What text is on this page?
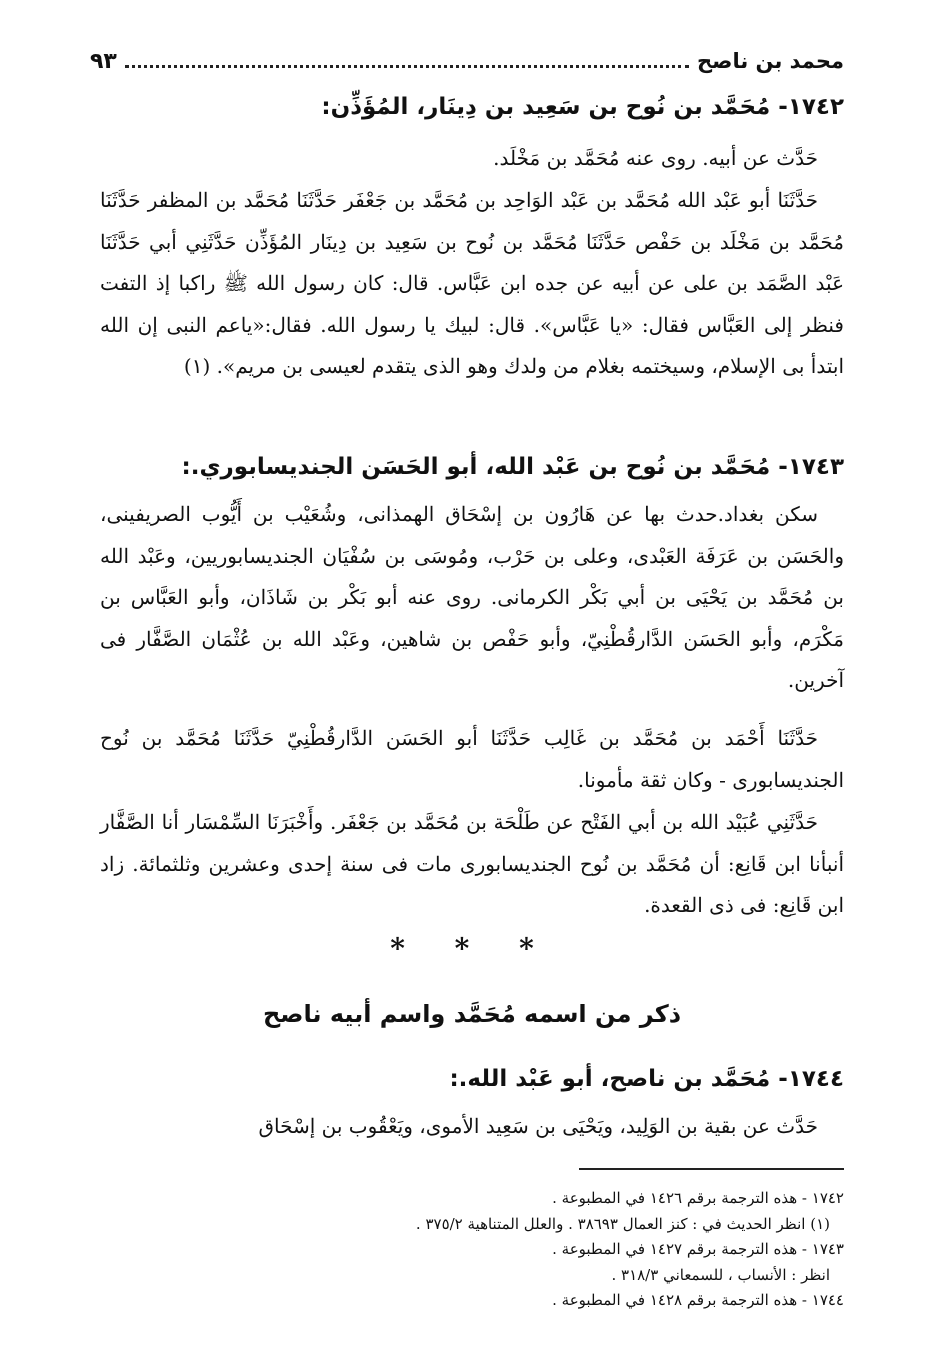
محمد بن ناصح
٩٣
١٧٤٢- مُحَمَّد بن نُوح بن سَعِيد بن دِينَار، المُؤَذِّن:
حَدَّث عن أبيه. روى عنه مُحَمَّد بن مَخْلَد.
حَدَّثَنَا أبو عَبْد الله مُحَمَّد بن عَبْد الوَاحِد بن مُحَمَّد بن جَعْفَر حَدَّثَنَا مُحَمَّد بن المظفر حَدَّثَنَا مُحَمَّد بن مَخْلَد بن حَفْص حَدَّثَنَا مُحَمَّد بن نُوح بن سَعِيد بن دِينَار المُؤَذِّن حَدَّثَنِي أبي حَدَّثَنَا عَبْد الصَّمَد بن على عن أبيه عن جده ابن عَبَّاس. قال: كان رسول الله ﷺ راكبا إذ التفت فنظر إلى العَبَّاس فقال: «يا عَبَّاس». قال: لبيك يا رسول الله. فقال:«ياعم النبى إن الله ابتدأ بى الإسلام، وسيختمه بغلام من ولدك وهو الذى يتقدم لعيسى بن مريم». (١)
١٧٤٣- مُحَمَّد بن نُوح بن عَبْد الله، أبو الحَسَن الجنديسابوري.:
سكن بغداد.حدث بها عن هَارُون بن إسْحَاق الهمذانى، وشُعَيْب بن أَيُّوب الصريفينى، والحَسَن بن عَرَفَة العَبْدى، وعلى بن حَرْب، ومُوسَى بن سُفْيَان الجنديسابوريين، وعَبْد الله بن مُحَمَّد بن يَحْيَى بن أبي بَكْر الكرمانى. روى عنه أبو بَكْر بن شَاذَان، وأبو العَبَّاس بن مَكْرَم، وأبو الحَسَن الدَّارقُطْنِيّ، وأبو حَفْص بن شاهين، وعَبْد الله بن عُثْمَان الصَّفَّار فى آخرين.
حَدَّثَنَا أَحْمَد بن مُحَمَّد بن غَالِب حَدَّثَنَا أبو الحَسَن الدَّارقُطْنِيّ حَدَّثَنَا مُحَمَّد بن نُوح الجنديسابورى - وكان ثقة مأمونا.
حَدَّثَنِي عُبَيْد الله بن أبي الفَتْح عن طَلْحَة بن مُحَمَّد بن جَعْفَر. وأَخْبَرَنَا السِّمْسَار أنا الصَّفَّار أنبأنا ابن قَانِع: أن مُحَمَّد بن نُوح الجنديسابورى مات فى سنة إحدى وعشرين وثلثمائة. زاد ابن قَانِع: فى ذى القعدة.
* * *
ذكر من اسمه مُحَمَّد واسم أبيه ناصح
١٧٤٤- مُحَمَّد بن ناصح، أبو عَبْد الله.:
حَدَّث عن بقية بن الوَلِيد، ويَحْيَى بن سَعِيد الأموى، ويَعْقُوب بن إسْحَاق
١٧٤٢ - هذه الترجمة برقم ١٤٢٦ في المطبوعة .
(١) انظر الحديث في : كنز العمال ٣٨٦٩٣ . والعلل المتناهية ٣٧٥/٢ .
١٧٤٣ - هذه الترجمة برقم ١٤٢٧ في المطبوعة .
انظر : الأنساب ، للسمعاني ٣١٨/٣ .
١٧٤٤ - هذه الترجمة برقم ١٤٢٨ في المطبوعة .
